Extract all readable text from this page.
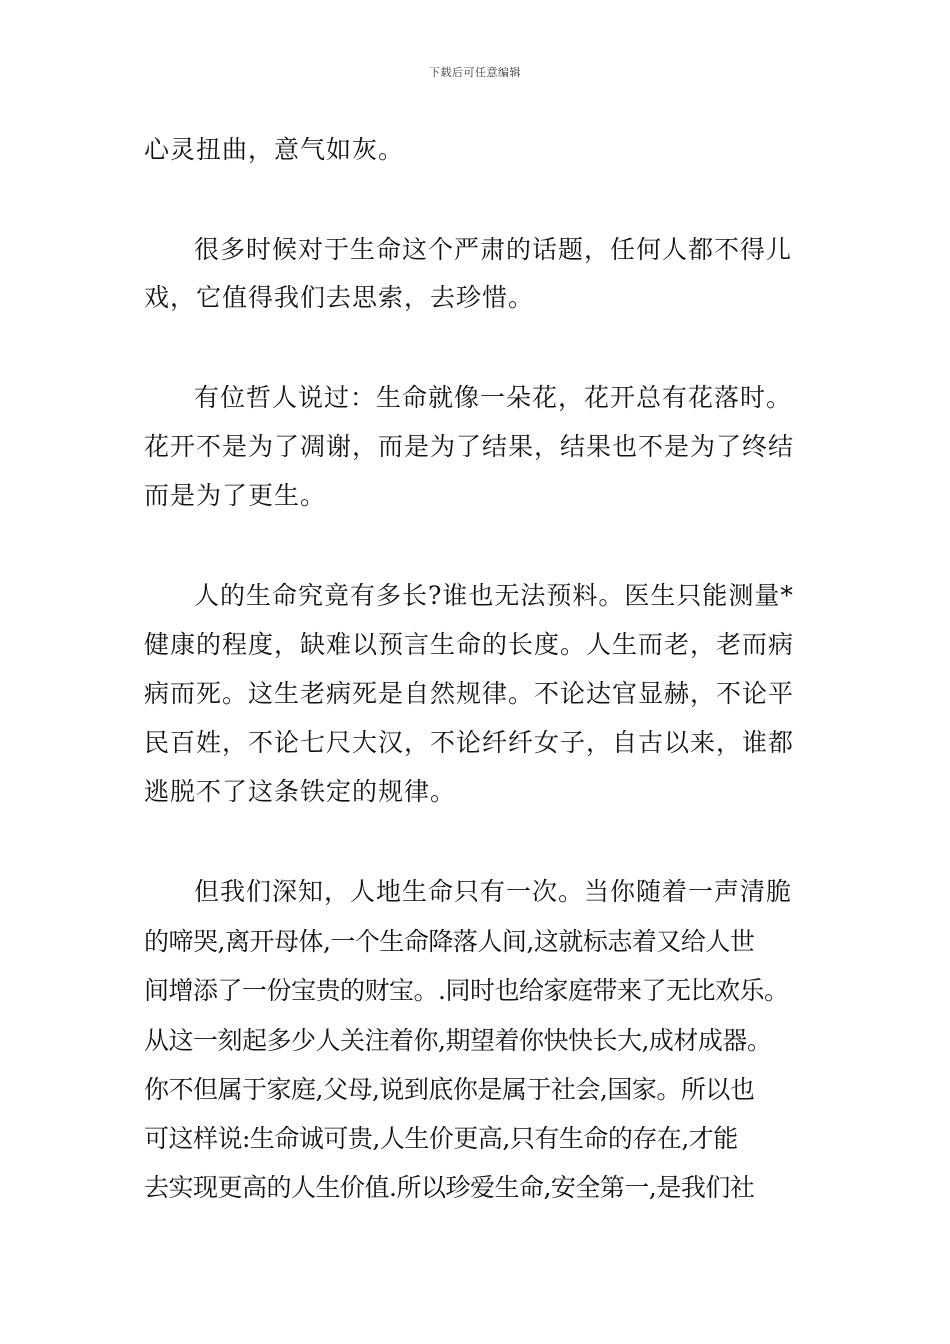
下载后可任意编辑
心灵扭曲，意气如灰。
很多时候对于生命这个严肃的话题，任何人都不得儿
戏，它值得我们去思索，去珍惜。
有位哲人说过：生命就像一朵花，花开总有花落时。
花开不是为了凋谢，而是为了结果，结果也不是为了终结
而是为了更生。
人的生命究竟有多长?谁也无法预料。医生只能测量*
健康的程度，缺难以预言生命的长度。人生而老，老而病
病而死。这生老病死是自然规律。不论达官显赫，不论平
民百姓，不论七尺大汉，不论纤纤女子，自古以来，谁都
逃脱不了这条铁定的规律。
但我们深知，人地生命只有一次。当你随着一声清脆
的啼哭,离开母体,一个生命降落人间,这就标志着又给人世
间增添了一份宝贵的财宝。.同时也给家庭带来了无比欢乐。
从这一刻起多少人关注着你,期望着你快快长大,成材成器。
你不但属于家庭,父母,说到底你是属于社会,国家。所以也
可这样说:生命诚可贵,人生价更高,只有生命的存在,才能
去实现更高的人生价值.所以珍爱生命,安全第一,是我们社
